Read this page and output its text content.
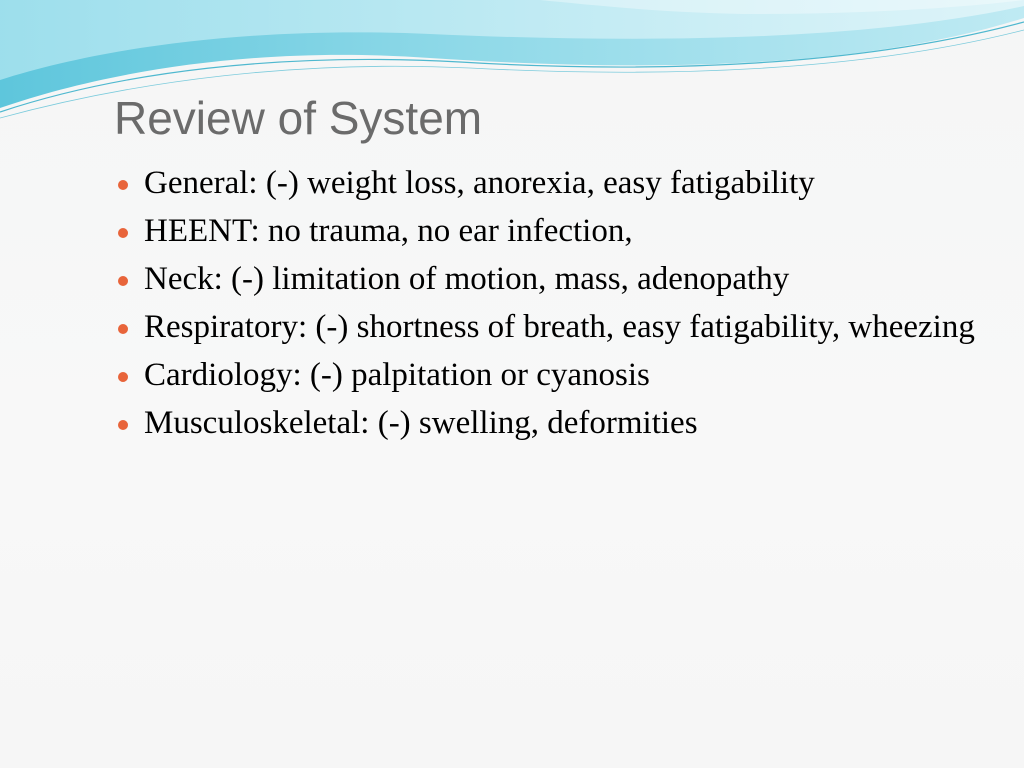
Review of System
General: (-) weight loss, anorexia, easy fatigability
HEENT: no trauma, no ear infection,
Neck: (-) limitation of motion, mass, adenopathy
Respiratory: (-) shortness of breath, easy fatigability, wheezing
Cardiology: (-) palpitation or cyanosis
Musculoskeletal: (-) swelling, deformities
